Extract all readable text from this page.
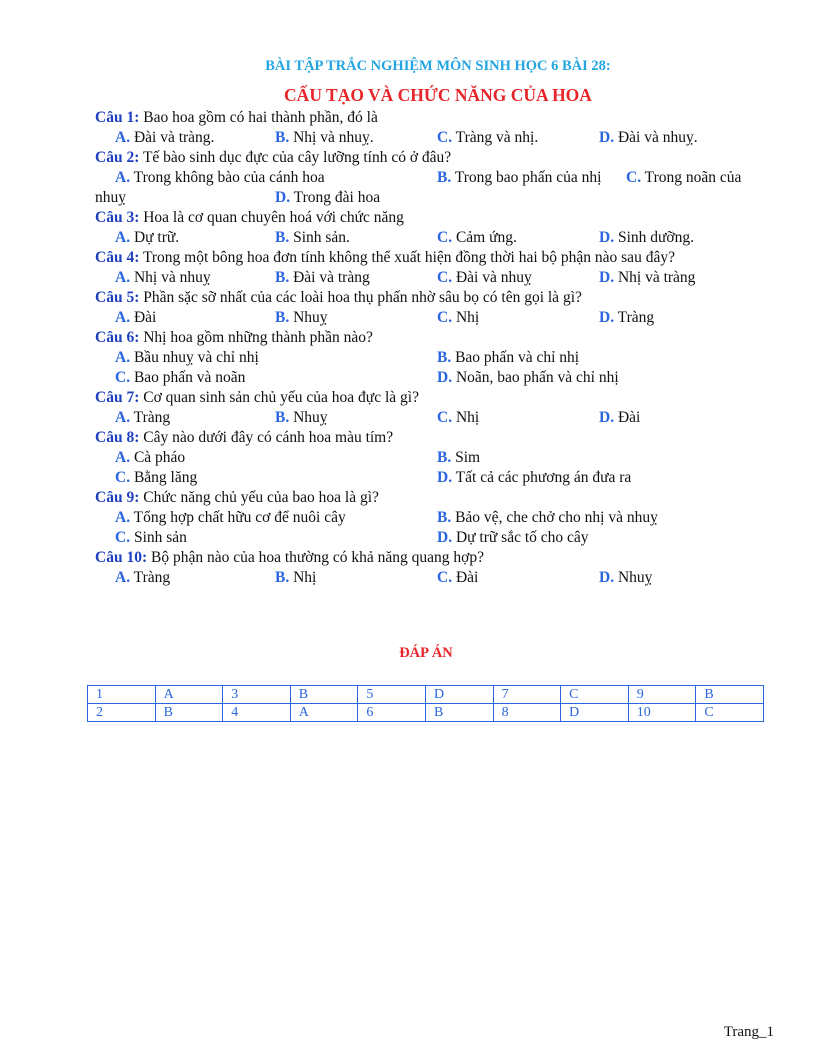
BÀI TẬP TRẮC NGHIỆM MÔN SINH HỌC 6 BÀI 28:
CẤU TẠO VÀ CHỨC NĂNG CỦA HOA
Câu 1: Bao hoa gồm có hai thành phần, đó là
A. Đài và tràng.	B. Nhị và nhuỵ.	C. Tràng và nhị.	D. Đài và nhuỵ.
Câu 2: Tế bào sinh dục đực của cây lưỡng tính có ở đâu?
A. Trong không bào của cánh hoa	B. Trong bao phấn của nhị C. Trong noãn của
nhuỵ	D. Trong đài hoa
Câu 3: Hoa là cơ quan chuyên hoá với chức năng
A. Dự trữ.	B. Sinh sản.	C. Cảm ứng.	D. Sinh dưỡng.
Câu 4: Trong một bông hoa đơn tính không thể xuất hiện đồng thời hai bộ phận nào sau đây?
A. Nhị và nhuỵ	B. Đài và tràng	C. Đài và nhuỵ	D. Nhị và tràng
Câu 5: Phần sặc sỡ nhất của các loài hoa thụ phấn nhờ sâu bọ có tên gọi là gì?
A. Đài	B. Nhuỵ	C. Nhị	D. Tràng
Câu 6: Nhị hoa gồm những thành phần nào?
A. Bầu nhuỵ và chỉ nhị	B. Bao phấn và chỉ nhị
C. Bao phấn và noãn	D. Noãn, bao phấn và chỉ nhị
Câu 7: Cơ quan sinh sản chủ yếu của hoa đực là gì?
A. Tràng	B. Nhuỵ	C. Nhị	D. Đài
Câu 8: Cây nào dưới đây có cánh hoa màu tím?
A. Cà pháo	B. Sim
C. Bằng lăng	D. Tất cả các phương án đưa ra
Câu 9: Chức năng chủ yếu của bao hoa là gì?
A. Tổng hợp chất hữu cơ để nuôi cây	B. Bảo vệ, che chở cho nhị và nhuỵ
C. Sinh sản	D. Dự trữ sắc tố cho cây
Câu 10: Bộ phận nào của hoa thường có khả năng quang hợp?
A. Tràng	B. Nhị	C. Đài	D. Nhuỵ
ĐÁP ÁN
1	A	3	B	5	D	7	C	9	B
2	B	4	A	6	B	8	D	10	C
Trang_1
